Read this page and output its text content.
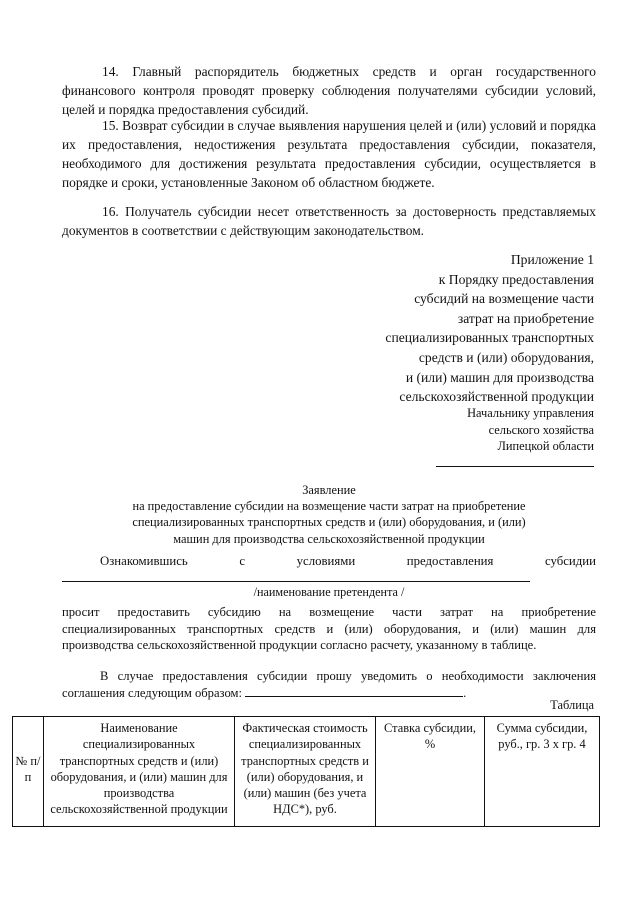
14. Главный распорядитель бюджетных средств и орган государственного финансового контроля проводят проверку соблюдения получателями субсидии условий, целей и порядка предоставления субсидий.
15. Возврат субсидии в случае выявления нарушения целей и (или) условий и порядка их предоставления, недостижения результата предоставления субсидии, показателя, необходимого для достижения результата предоставления субсидии, осуществляется в порядке и сроки, установленные Законом об областном бюджете.
16. Получатель субсидии несет ответственность за достоверность представляемых документов в соответствии с действующим законодательством.
Приложение 1
к Порядку предоставления
субсидий на возмещение части
затрат на приобретение
специализированных транспортных
средств и (или) оборудования,
и (или) машин для производства
сельскохозяйственной продукции
Начальнику управления
сельского хозяйства
Липецкой области
Заявление
на предоставление субсидии на возмещение части затрат на приобретение
специализированных транспортных средств и (или) оборудования, и (или)
машин для производства сельскохозяйственной продукции
Ознакомившись	с	условиями	предоставления	субсидии
/наименование претендента /
просит предоставить субсидию на возмещение части затрат на приобретение
специализированных транспортных средств и (или) оборудования, и (или) машин для
производства сельскохозяйственной продукции согласно расчету, указанному в таблице.
В случае предоставления субсидии прошу уведомить о необходимости заключения
соглашения следующим образом:	.
Таблица
№ п/п	Наименование специализированных транспортных средств и (или) оборудования, и (или) машин для производства сельскохозяйственной продукции	Фактическая стоимость специализированных транспортных средств и (или) оборудования, и (или) машин (без учета НДС*), руб.	Ставка субсидии, %	Сумма субсидии, руб., гр. 3 х гр. 4
